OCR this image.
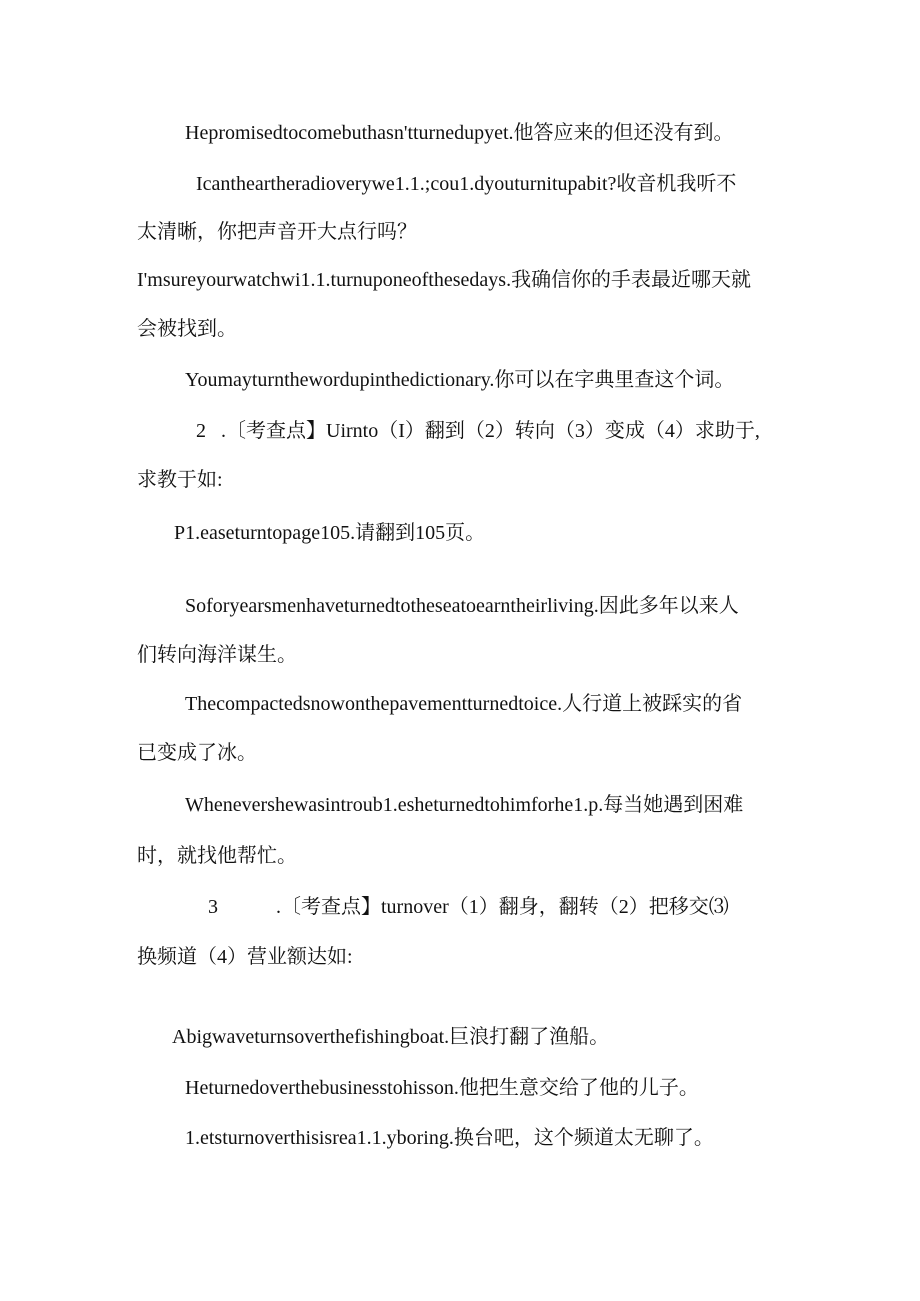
Hepromisedtocomebuthasn'tturnedupyet.他答应来的但还没有到。
Icantheartheradioverywe1.1.;cou1.dyouturnitupabit?收音机我听不
太清晰，你把声音开大点行吗？
I'msureyourwatchwi1.1.turnuponeofthesedays.我确信你的手表最近哪天就
会被找到。
Youmayturnthewordupinthedictionary.你可以在字典里查这个词。
2 .〔考查点】Uirnto（I）翻到（2）转向（3）变成（4）求助于,
求教于如:
P1.easeturntopage105.请翻到105页。
Soforyearsmenhaveturnedtotheseatoearntheirliving.因此多年以来人
们转向海洋谋生。
Thecompactedsnowonthepavementturnedtoice.人行道上被踩实的省
已变成了冰。
Whenevershewasintroub1.esheturnedtohimforhe1.p.每当她遇到困难
时，就找他帮忙。
3	.〔考查点】turnover（1）翻身，翻转（2）把移交⑶
换频道（4）营业额达如:
Abigwaveturnsoverthefishingboat.巨浪打翻了渔船。
Heturnedoverthebusinesstohisson.他把生意交给了他的儿子。
1.etsturnoverthisisrea1.1.yboring.换台吧，这个频道太无聊了。
